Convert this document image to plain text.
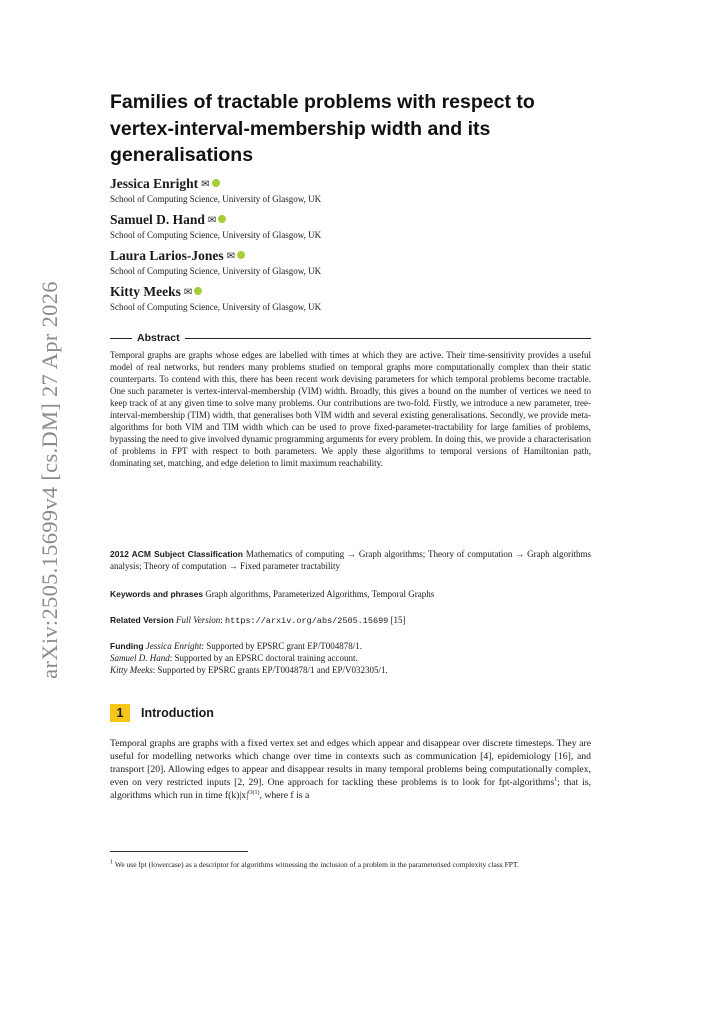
arXiv:2505.15699v4 [cs.DM] 27 Apr 2026
Families of tractable problems with respect to vertex-interval-membership width and its generalisations
Jessica Enright ✉
School of Computing Science, University of Glasgow, UK
Samuel D. Hand ✉
School of Computing Science, University of Glasgow, UK
Laura Larios-Jones ✉
School of Computing Science, University of Glasgow, UK
Kitty Meeks ✉
School of Computing Science, University of Glasgow, UK
Abstract

Temporal graphs are graphs whose edges are labelled with times at which they are active. Their time-sensitivity provides a useful model of real networks, but renders many problems studied on temporal graphs more computationally complex than their static counterparts. To contend with this, there has been recent work devising parameters for which temporal problems become tractable. One such parameter is vertex-interval-membership (VIM) width. Broadly, this gives a bound on the number of vertices we need to keep track of at any given time to solve many problems. Our contributions are two-fold. Firstly, we introduce a new parameter, tree-interval-membership (TIM) width, that generalises both VIM width and several existing generalisations. Secondly, we provide meta-algorithms for both VIM and TIM width which can be used to prove fixed-parameter-tractability for large families of problems, bypassing the need to give involved dynamic programming arguments for every problem. In doing this, we provide a characterisation of problems in FPT with respect to both parameters. We apply these algorithms to temporal versions of Hamiltonian path, dominating set, matching, and edge deletion to limit maximum reachability.

2012 ACM Subject Classification Mathematics of computing → Graph algorithms; Theory of computation → Graph algorithms analysis; Theory of computation → Fixed parameter tractability

Keywords and phrases Graph algorithms, Parameterized Algorithms, Temporal Graphs

Related Version Full Version: https://arxiv.org/abs/2505.15699 [15]

Funding Jessica Enright: Supported by EPSRC grant EP/T004878/1.
Samuel D. Hand: Supported by an EPSRC doctoral training account.
Kitty Meeks: Supported by EPSRC grants EP/T004878/1 and EP/V032305/1.
1	Introduction

Temporal graphs are graphs with a fixed vertex set and edges which appear and disappear over discrete timesteps. They are useful for modelling networks which change over time in contexts such as communication [4], epidemiology [16], and transport [20]. Allowing edges to appear and disappear results in many temporal problems being computationally complex, even on very restricted inputs [2, 29]. One approach for tackling these problems is to look for fpt-algorithms$^1$; that is, algorithms which run in time $f(k)|x|^{O(1)}$, where f is a

$^1$ We use fpt (lowercase) as a descriptor for algorithms witnessing the inclusion of a problem in the parameterised complexity class FPT.
